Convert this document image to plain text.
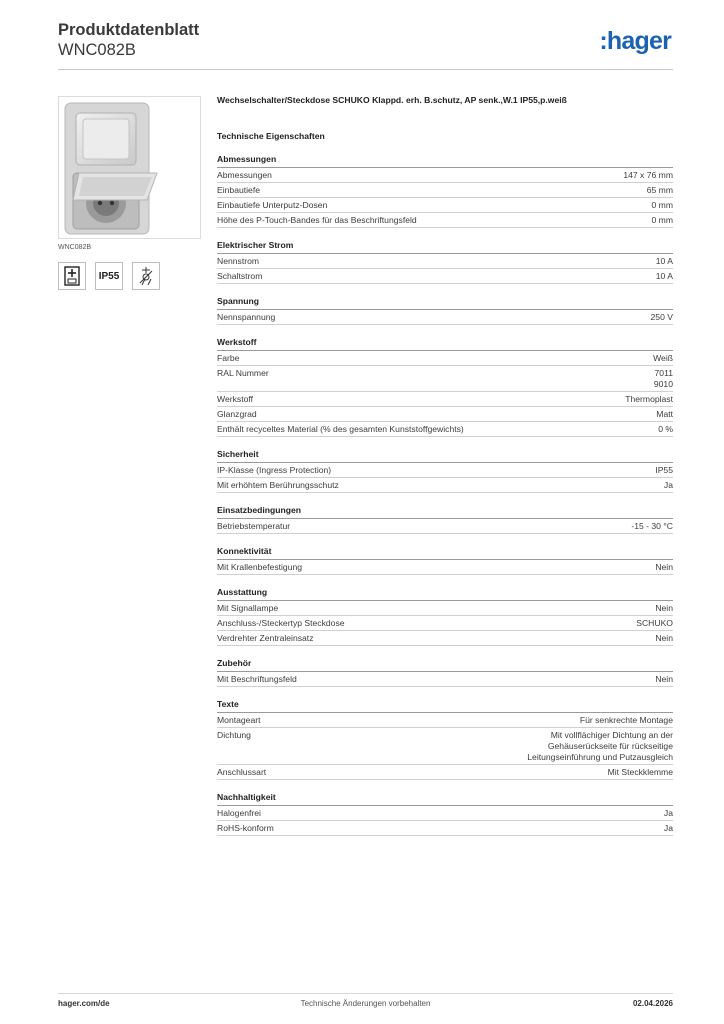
Produktdatenblatt
WNC082B	:hager
WNC082B
IP55
Wechselschalter/Steckdose SCHUKO Klappd. erh. B.schutz, AP senk.,W.1 IP55,p.weiß
Technische Eigenschaften
Abmessungen
Abmessungen	147 x 76 mm
Einbautiefe	65 mm
Einbautiefe Unterputz-Dosen	0 mm
Höhe des P-Touch-Bandes für das Beschriftungsfeld	0 mm
Elektrischer Strom
Nennstrom	10 A
Schaltstrom	10 A
Spannung
Nennspannung	250 V
Werkstoff
Farbe	Weiß
RAL Nummer	7011
9010
Werkstoff	Thermoplast
Glanzgrad	Matt
Enthält recyceltes Material (% des gesamten Kunststoffgewichts)	0 %
Sicherheit
IP-Klasse (Ingress Protection)	IP55
Mit erhöhtem Berührungsschutz	Ja
Einsatzbedingungen
Betriebstemperatur	-15 - 30 °C
Konnektivität
Mit Krallenbefestigung	Nein
Ausstattung
Mit Signallampe	Nein
Anschluss-/Steckertyp Steckdose	SCHUKO
Verdrehter Zentraleinsatz	Nein
Zubehör
Mit Beschriftungsfeld	Nein
Texte
Montageart	Für senkrechte Montage
Dichtung	Mit vollflächiger Dichtung an der
Gehäuserückseite für rückseitige
Leitungseinführung und Putzausgleich
Anschlussart	Mit Steckklemme
Nachhaltigkeit
Halogenfrei	Ja
RoHS-konform	Ja
hager.com/de	Technische Änderungen vorbehalten	02.04.2026
